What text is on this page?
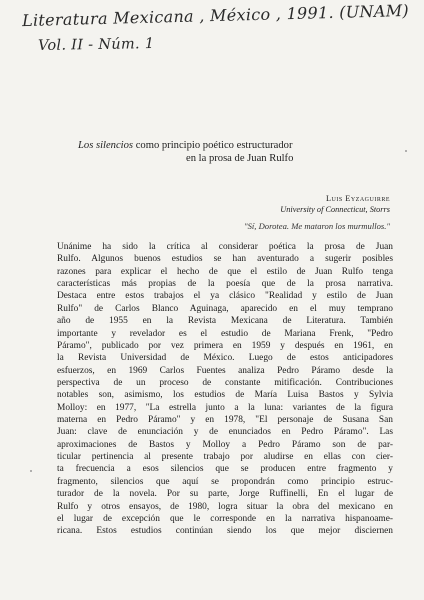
Literatura Mexicana , México , 1991. (UNAM)
Vol. II - Núm. 1
Los silencios como principio poético estructurador
en la prosa de Juan Rulfo
Luis Eyzaguirre
University of Connecticut, Storrs
"Sí, Dorotea. Me mataron los murmullos."
Unánime ha sido la crítica al considerar poética la prosa de Juan
Rulfo. Algunos buenos estudios se han aventurado a sugerir posibles
razones para explicar el hecho de que el estilo de Juan Rulfo tenga
características más propias de la poesía que de la prosa narrativa.
Destaca entre estos trabajos el ya clásico "Realidad y estilo de Juan
Rulfo" de Carlos Blanco Aguinaga, aparecido en el muy temprano
año de 1955 en la Revista Mexicana de Literatura. También
importante y revelador es el estudio de Mariana Frenk, "Pedro
Páramo", publicado por vez primera en 1959 y después en 1961, en
la Revista Universidad de México. Luego de estos anticipadores
esfuerzos, en 1969 Carlos Fuentes analiza Pedro Páramo desde la
perspectiva de un proceso de constante mitificación. Contribuciones
notables son, asimismo, los estudios de María Luisa Bastos y Sylvia
Molloy: en 1977, "La estrella junto a la luna: variantes de la figura
materna en Pedro Páramo" y en 1978, "El personaje de Susana San
Juan: clave de enunciación y de enunciados en Pedro Páramo". Las
aproximaciones de Bastos y Molloy a Pedro Páramo son de par-
ticular pertinencia al presente trabajo por aludirse en ellas con cier-
ta frecuencia a esos silencios que se producen entre fragmento y
fragmento, silencios que aquí se propondrán como principio estruc-
turador de la novela. Por su parte, Jorge Ruffinelli, En el lugar de
Rulfo y otros ensayos, de 1980, logra situar la obra del mexicano en
el lugar de excepción que le corresponde en la narrativa hispanoame-
ricana. Estos estudios continúan siendo los que mejor disciernen
